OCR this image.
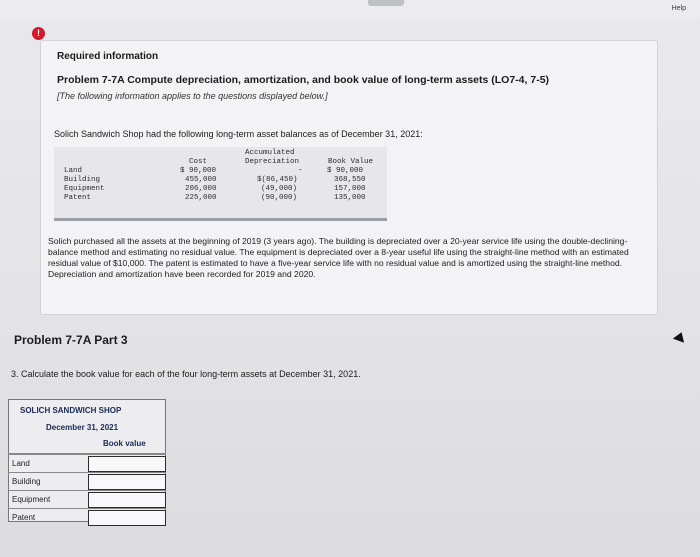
Help
!
Required information
Problem 7-7A Compute depreciation, amortization, and book value of long-term assets (LO7-4, 7-5)
[The following information applies to the questions displayed below.]
Solich Sandwich Shop had the following long-term asset balances as of December 31, 2021:
Cost
Accumulated
Depreciation	Book Value
Land	$ 90,000	-	$ 90,000
Building	455,000	$(86,450)	368,550
Equipment	206,000	(49,000)	157,000
Patent	225,000	(90,000)	135,000
Solich purchased all the assets at the beginning of 2019 (3 years ago). The building is depreciated over a 20-year service life using the double-declining-balance method and estimating no residual value. The equipment is depreciated over a 8-year useful life using the straight-line method with an estimated residual value of $10,000. The patent is estimated to have a five-year service life with no residual value and is amortized using the straight-line method. Depreciation and amortization have been recorded for 2019 and 2020.
Problem 7-7A Part 3
3. Calculate the book value for each of the four long-term assets at December 31, 2021.
SOLICH SANDWICH SHOP
December 31, 2021
Book value
Land
Building
Equipment
Patent
